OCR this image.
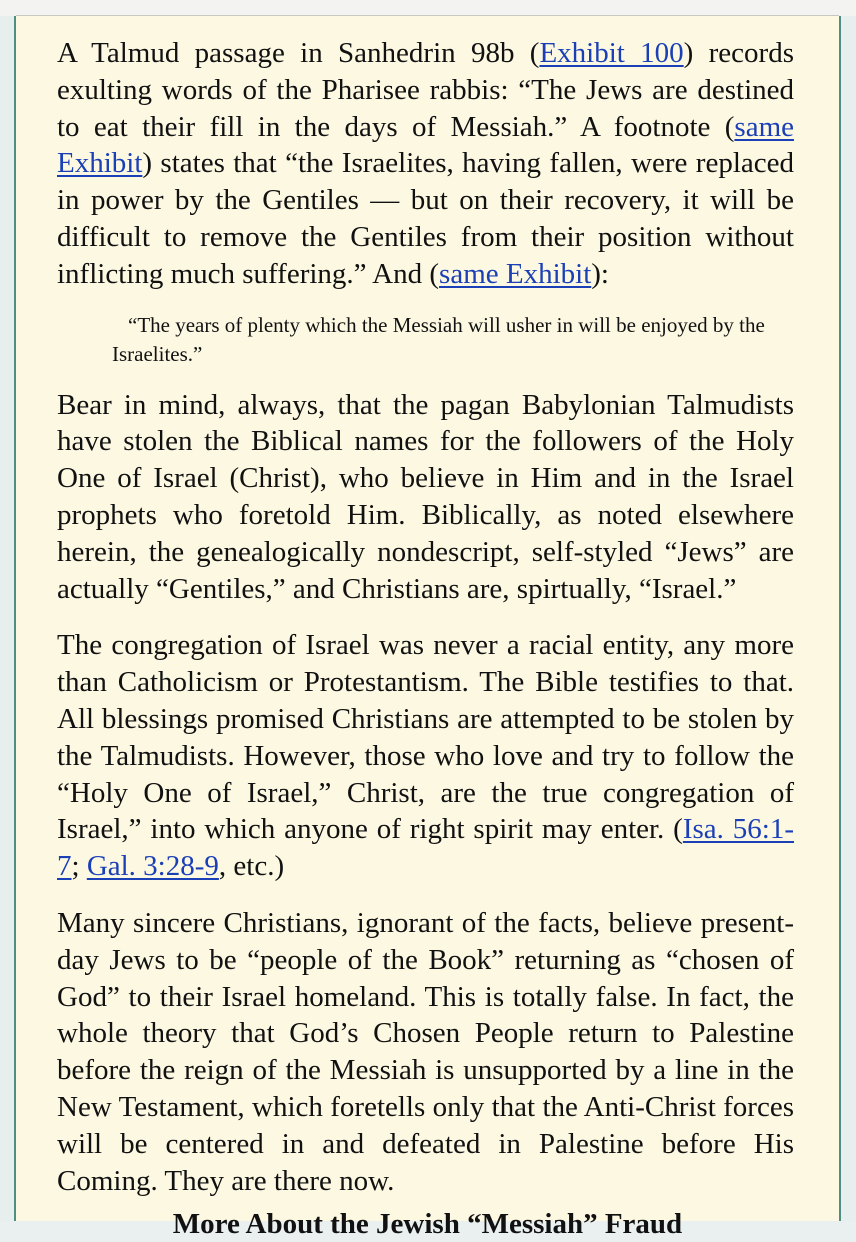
A Talmud passage in Sanhedrin 98b (Exhibit 100) records exulting words of the Pharisee rabbis: “The Jews are destined to eat their fill in the days of Messiah.” A footnote (same Exhibit) states that “the Israelites, having fallen, were replaced in power by the Gentiles — but on their recovery, it will be difficult to remove the Gentiles from their position without inflicting much suffering.” And (same Exhibit):

“The years of plenty which the Messiah will usher in will be enjoyed by the Israelites.”

Bear in mind, always, that the pagan Babylonian Talmudists have stolen the Biblical names for the followers of the Holy One of Israel (Christ), who believe in Him and in the Israel prophets who foretold Him. Biblically, as noted elsewhere herein, the genealogically nondescript, self-styled “Jews” are actually “Gentiles,” and Christians are, spirtually, “Israel.”

The congregation of Israel was never a racial entity, any more than Catholicism or Protestantism. The Bible testifies to that. All blessings promised Christians are attempted to be stolen by the Talmudists. However, those who love and try to follow the “Holy One of Israel,” Christ, are the true congregation of Israel,” into which anyone of right spirit may enter. (Isa. 56:1-7; Gal. 3:28-9, etc.)

Many sincere Christians, ignorant of the facts, believe present-day Jews to be “people of the Book” returning as “chosen of God” to their Israel homeland. This is totally false. In fact, the whole theory that God’s Chosen People return to Palestine before the reign of the Messiah is unsupported by a line in the New Testament, which foretells only that the Anti-Christ forces will be centered in and defeated in Palestine before His Coming. They are there now.

More About the Jewish “Messiah” Fraud
